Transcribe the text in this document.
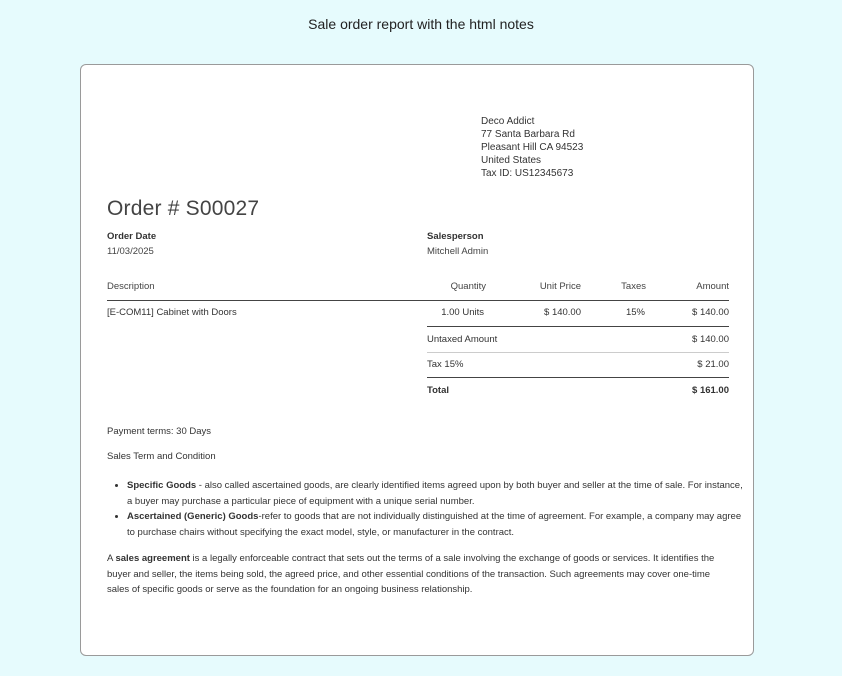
Sale order report with the html notes
Deco Addict
77 Santa Barbara Rd
Pleasant Hill CA 94523
United States
Tax ID: US12345673
Order # S00027
Order Date
11/03/2025
Salesperson
Mitchell Admin
Description	Quantity	Unit Price	Taxes	Amount
[E-COM11] Cabinet with Doors	1.00 Units	$ 140.00	15%	$ 140.00
Untaxed Amount	$ 140.00
Tax 15%	$ 21.00
Total	$ 161.00
Payment terms: 30 Days
Sales Term and Condition
• Specific Goods - also called ascertained goods, are clearly identified items agreed upon by both buyer and seller at the time of sale. For instance, a buyer may purchase a particular piece of equipment with a unique serial number.
• Ascertained (Generic) Goods-refer to goods that are not individually distinguished at the time of agreement. For example, a company may agree to purchase chairs without specifying the exact model, style, or manufacturer in the contract.
A sales agreement is a legally enforceable contract that sets out the terms of a sale involving the exchange of goods or services. It identifies the buyer and seller, the items being sold, the agreed price, and other essential conditions of the transaction. Such agreements may cover one-time sales of specific goods or serve as the foundation for an ongoing business relationship.
